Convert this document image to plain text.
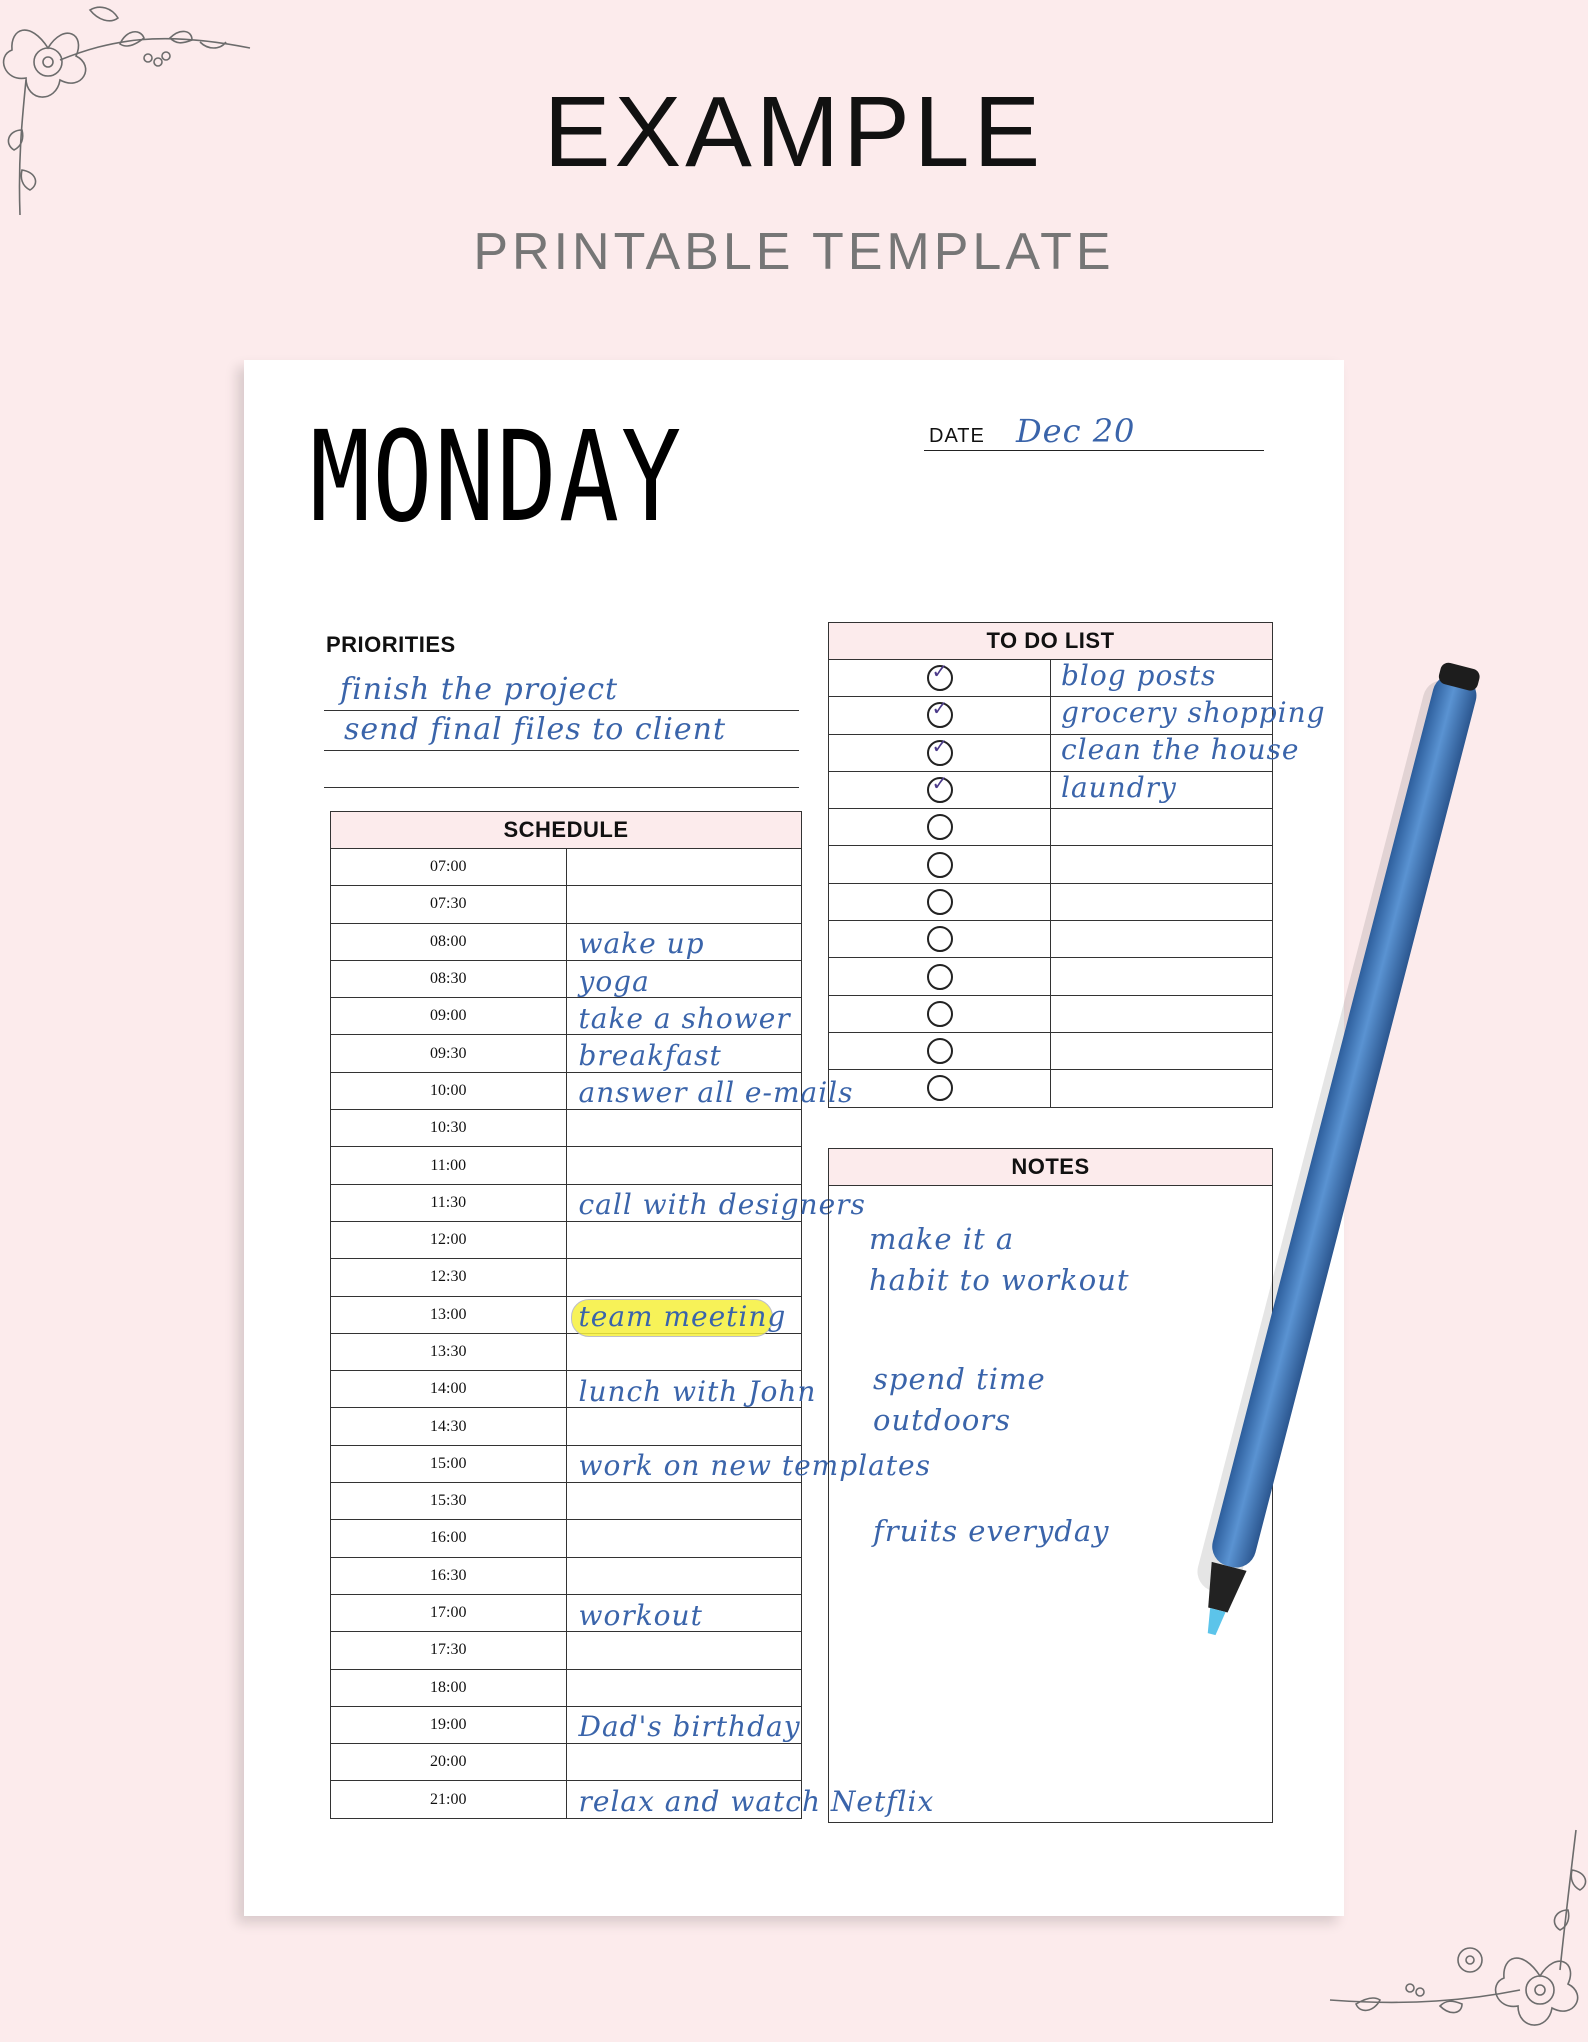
EXAMPLE
PRINTABLE TEMPLATE
MONDAY	DATE Dec 20
PRIORITIES
finish the project
send final files to client
SCHEDULE	
07:00	
07:30	
08:00	wake up
08:30	yoga
09:00	take a shower
09:30	breakfast
10:00	answer all e-mails
10:30	
11:00	
11:30	call with designers
12:00	
12:30	
13:00	team meeting
13:30	
14:00	lunch with John
14:30	
15:00	work on new templates
15:30	
16:00	
16:30	
17:00	workout
17:30	
18:00	
19:00	Dad's birthday
20:00	
21:00	relax and watch Netflix
TO DO LIST	

✓	blog posts

✓	grocery shopping

✓	clean the house

✓	laundry

NOTES
make it a
habit to workout
spend time
outdoors
fruits everyday
